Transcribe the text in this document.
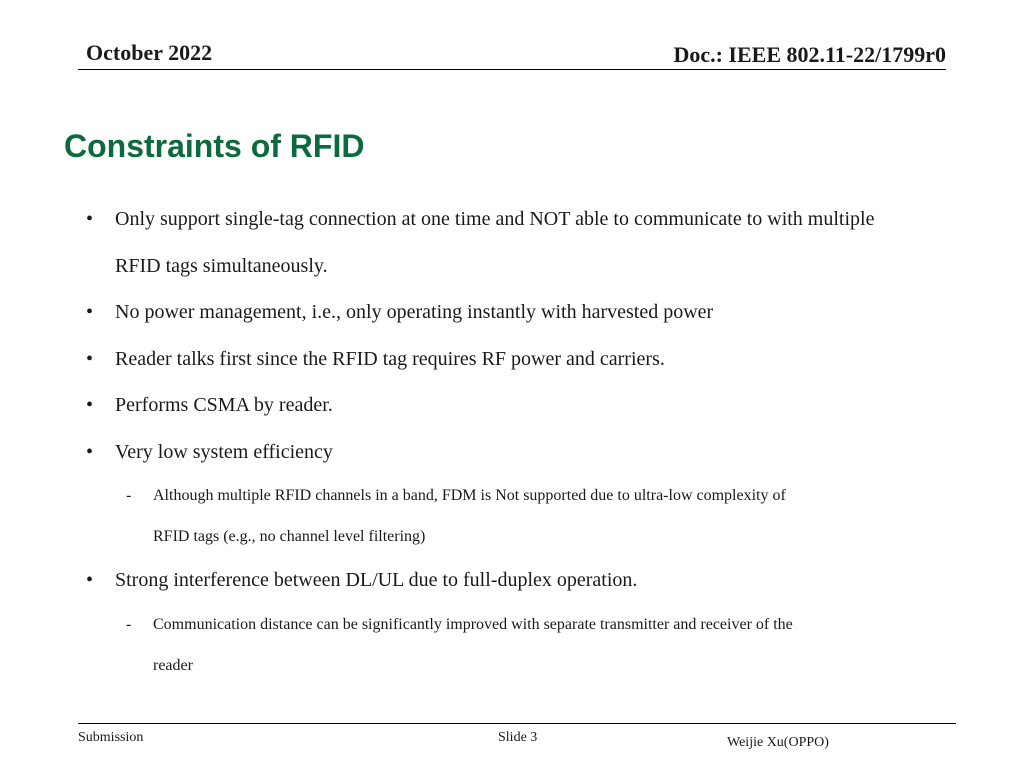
October 2022	Doc.: IEEE 802.11-22/1799r0
Constraints of RFID
•	Only support single-tag connection at one time and NOT able to communicate to with multiple
RFID tags simultaneously.
•	No power management, i.e., only operating instantly with harvested power
•	Reader talks first since the RFID tag requires RF power and carriers.
•	Performs CSMA by reader.
•	Very low system efficiency
- Although multiple RFID channels in a band, FDM is Not supported due to ultra-low complexity of
RFID tags (e.g., no channel level filtering)
•	Strong interference between DL/UL due to full-duplex operation.
- Communication distance can be significantly improved with separate transmitter and receiver of the
reader
Submission	Slide 3	Weijie Xu(OPPO)
